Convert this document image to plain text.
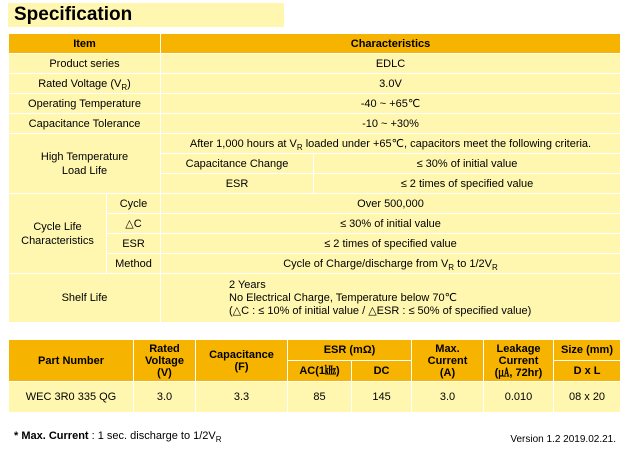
Specification
Item		Characteristics	
Product series		EDLC	
Rated Voltage $(V_R)$		3.0V	
Operating Temperature		-40 ~ +65℃	
Capacitance Tolerance		-10 ~ +30%	
High Temperature
Load Life		After 1,000 hours at $V_R$ loaded under +65℃, capacitors meet the following criteria.	
		Capacitance Change	≤ 30% of initial value
		ESR	≤ 2 times of specified value
Cycle Life
Characteristics	Cycle	Over 500,000	
	△C	≤ 30% of initial value	
	ESR	≤ 2 times of specified value	
	Method	Cycle of Charge/discharge from $V_R$ to $1/2V_R$
Shelf Life		2 Years
No Electrical Charge, Temperature below 70℃
(△C : ≤ 10% of initial value / △ESR : ≤ 50% of specified value)	
Part Number	Rated
Voltage
(V)	Capacitance
(F)	ESR (mΩ)		Max.
Current
(A)	Leakage
Current
(㎂, 72hr)	Size (mm)
			AC(1㎑)	DC			D x L
WEC 3R0 335 QG	3.0	3.3	85	145	3.0	0.010	08 x 20
* Max. Current : 1 sec. discharge to $1/2V_R$	Version 1.2 2019.02.21.
